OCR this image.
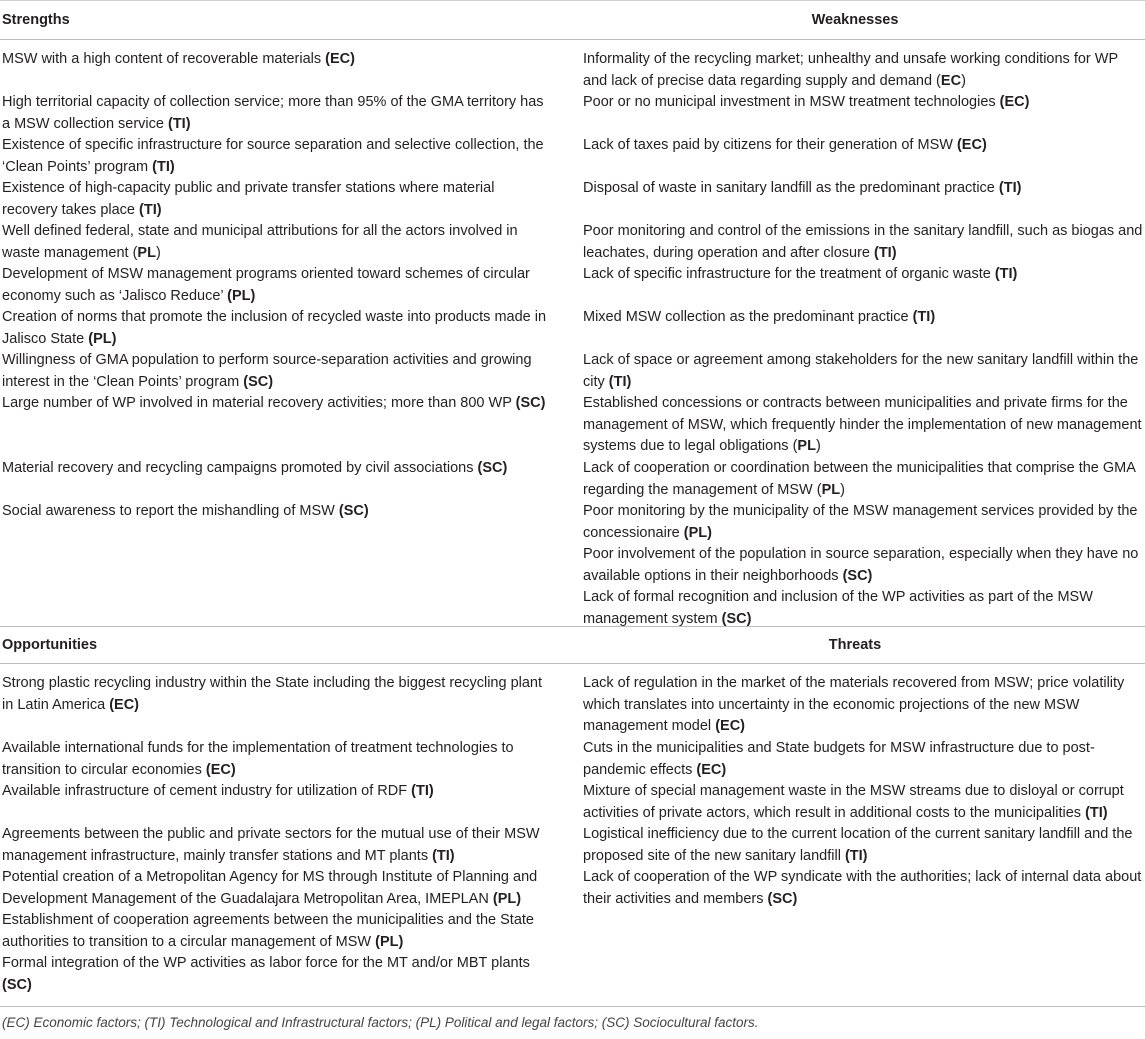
Strengths	Weaknesses
MSW with a high content of recoverable materials (EC)
High territorial capacity of collection service; more than 95% of the GMA territory has a MSW collection service (TI)
Existence of specific infrastructure for source separation and selective collection, the ‘Clean Points’ program (TI)
Existence of high-capacity public and private transfer stations where material recovery takes place (TI)
Well defined federal, state and municipal attributions for all the actors involved in waste management (PL)
Development of MSW management programs oriented toward schemes of circular economy such as ‘Jalisco Reduce’ (PL)
Creation of norms that promote the inclusion of recycled waste into products made in Jalisco State (PL)
Willingness of GMA population to perform source-separation activities and growing interest in the ‘Clean Points’ program (SC)
Large number of WP involved in material recovery activities; more than 800 WP (SC)
Material recovery and recycling campaigns promoted by civil associations (SC)
Social awareness to report the mishandling of MSW (SC)
Informality of the recycling market; unhealthy and unsafe working conditions for WP and lack of precise data regarding supply and demand (EC)
Poor or no municipal investment in MSW treatment technologies (EC)
Lack of taxes paid by citizens for their generation of MSW (EC)
Disposal of waste in sanitary landfill as the predominant practice (TI)
Poor monitoring and control of the emissions in the sanitary landfill, such as biogas and leachates, during operation and after closure (TI)
Lack of specific infrastructure for the treatment of organic waste (TI)
Mixed MSW collection as the predominant practice (TI)
Lack of space or agreement among stakeholders for the new sanitary landfill within the city (TI)
Established concessions or contracts between municipalities and private firms for the management of MSW, which frequently hinder the implementation of new management systems due to legal obligations (PL)
Lack of cooperation or coordination between the municipalities that comprise the GMA regarding the management of MSW (PL)
Poor monitoring by the municipality of the MSW management services provided by the concessionaire (PL)
Poor involvement of the population in source separation, especially when they have no available options in their neighborhoods (SC)
Lack of formal recognition and inclusion of the WP activities as part of the MSW management system (SC)
Opportunities	Threats
Strong plastic recycling industry within the State including the biggest recycling plant in Latin America (EC)
Available international funds for the implementation of treatment technologies to transition to circular economies (EC)
Available infrastructure of cement industry for utilization of RDF (TI)
Agreements between the public and private sectors for the mutual use of their MSW management infrastructure, mainly transfer stations and MT plants (TI)
Potential creation of a Metropolitan Agency for MS through Institute of Planning and Development Management of the Guadalajara Metropolitan Area, IMEPLAN (PL)
Establishment of cooperation agreements between the municipalities and the State authorities to transition to a circular management of MSW (PL)
Formal integration of the WP activities as labor force for the MT and/or MBT plants (SC)
Lack of regulation in the market of the materials recovered from MSW; price volatility which translates into uncertainty in the economic projections of the new MSW management model (EC)
Cuts in the municipalities and State budgets for MSW infrastructure due to post-pandemic effects (EC)
Mixture of special management waste in the MSW streams due to disloyal or corrupt activities of private actors, which result in additional costs to the municipalities (TI)
Logistical inefficiency due to the current location of the current sanitary landfill and the proposed site of the new sanitary landfill (TI)
Lack of cooperation of the WP syndicate with the authorities; lack of internal data about their activities and members (SC)
(EC) Economic factors; (TI) Technological and Infrastructural factors; (PL) Political and legal factors; (SC) Sociocultural factors.
